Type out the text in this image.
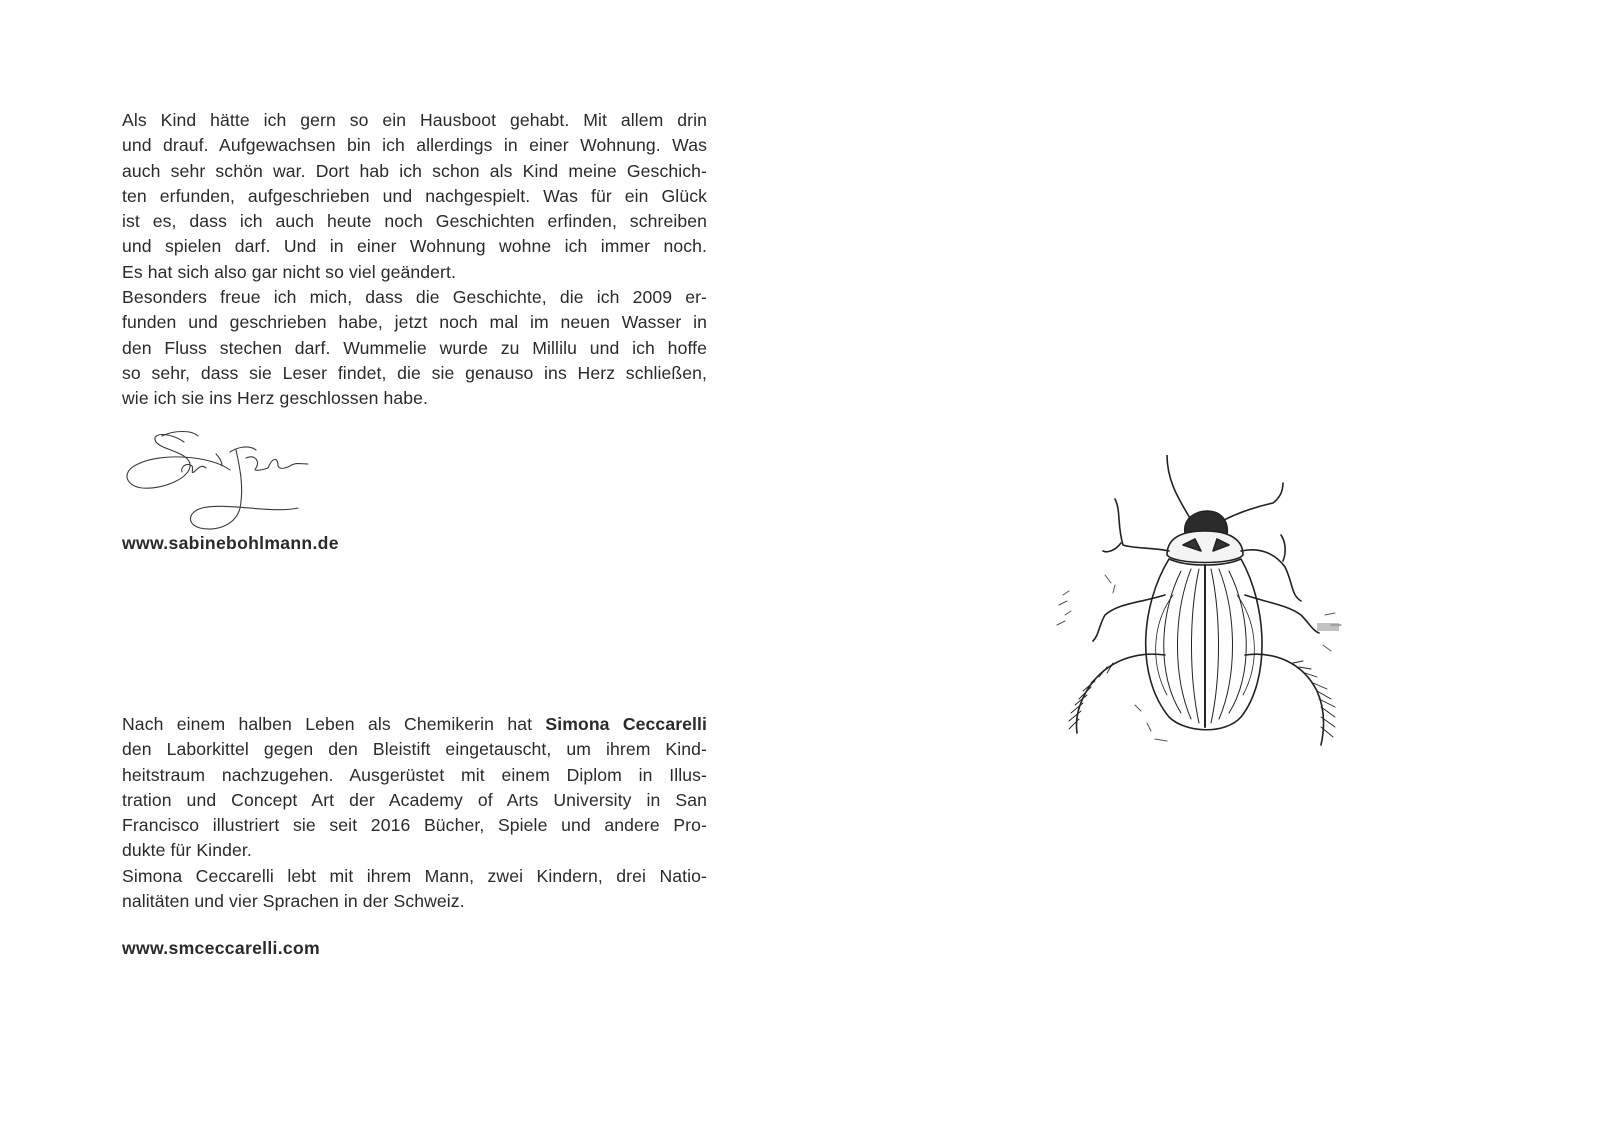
Als Kind hätte ich gern so ein Hausboot gehabt. Mit allem drin
und drauf. Aufgewachsen bin ich allerdings in einer Wohnung. Was
auch sehr schön war. Dort hab ich schon als Kind meine Geschich-
ten erfunden, aufgeschrieben und nachgespielt. Was für ein Glück
ist es, dass ich auch heute noch Geschichten erfinden, schreiben
und spielen darf. Und in einer Wohnung wohne ich immer noch.
Es hat sich also gar nicht so viel geändert.
Besonders freue ich mich, dass die Geschichte, die ich 2009 er-
funden und geschrieben habe, jetzt noch mal im neuen Wasser in
den Fluss stechen darf. Wummelie wurde zu Millilu und ich hoffe
so sehr, dass sie Leser findet, die sie genauso ins Herz schließen,
wie ich sie ins Herz geschlossen habe.

www.sabinebohlmann.de

Nach einem halben Leben als Chemikerin hat Simona Ceccarelli
den Laborkittel gegen den Bleistift eingetauscht, um ihrem Kind-
heitstraum nachzugehen. Ausgerüstet mit einem Diplom in Illus-
tration und Concept Art der Academy of Arts University in San
Francisco illustriert sie seit 2016 Bücher, Spiele und andere Pro-
dukte für Kinder.
Simona Ceccarelli lebt mit ihrem Mann, zwei Kindern, drei Natio-
nalitäten und vier Sprachen in der Schweiz.

www.smceccarelli.com
